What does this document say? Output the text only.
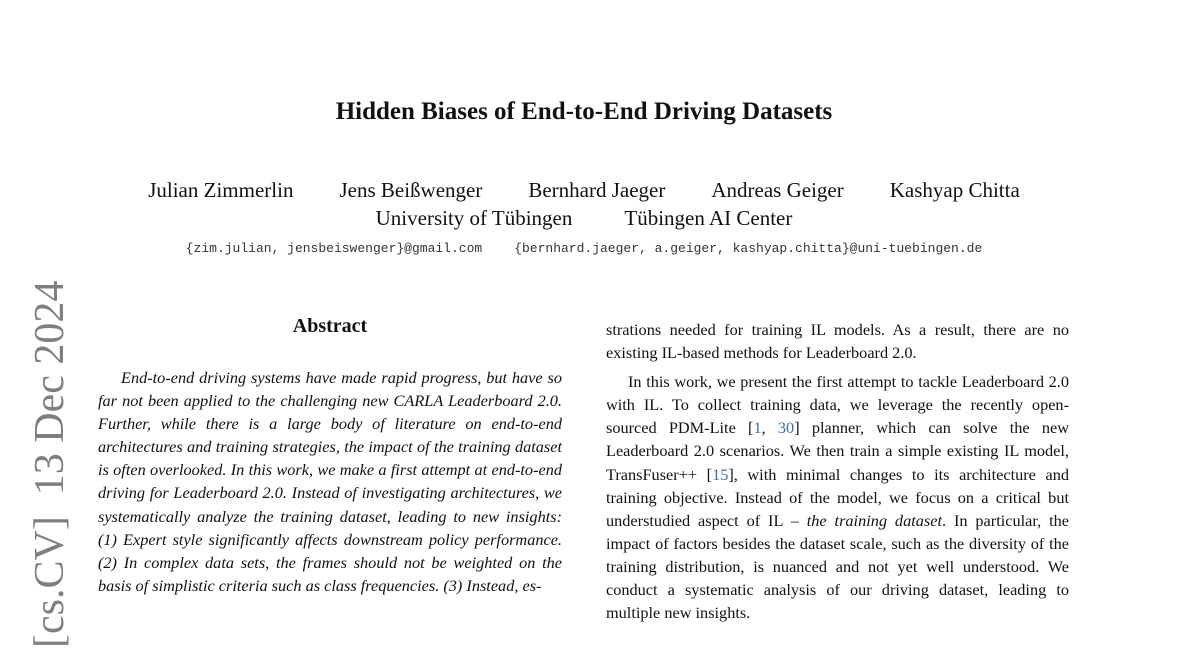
[cs.CV]  13 Dec 2024
Hidden Biases of End-to-End Driving Datasets
Julian Zimmerlin Jens Beißwenger Bernhard Jaeger Andreas Geiger Kashyap Chitta
University of Tübingen Tübingen AI Center
{zim.julian, jensbeiswenger}@gmail.com {bernhard.jaeger, a.geiger, kashyap.chitta}@uni-tuebingen.de
Abstract

End-to-end driving systems have made rapid progress, but have so far not been applied to the challenging new CARLA Leaderboard 2.0. Further, while there is a large body of literature on end-to-end architectures and training strategies, the impact of the training dataset is often overlooked. In this work, we make a first attempt at end-to-end driving for Leaderboard 2.0. Instead of investigating architectures, we systematically analyze the training dataset, leading to new insights: (1) Expert style significantly affects downstream policy performance. (2) In complex data sets, the frames should not be weighted on the basis of simplistic criteria such as class frequencies. (3) Instead, es-

strations needed for training IL models. As a result, there are no existing IL-based methods for Leaderboard 2.0.

In this work, we present the first attempt to tackle Leaderboard 2.0 with IL. To collect training data, we leverage the recently open-sourced PDM-Lite [1, 30] planner, which can solve the new Leaderboard 2.0 scenarios. We then train a simple existing IL model, TransFuser++ [15], with minimal changes to its architecture and training objective. Instead of the model, we focus on a critical but understudied aspect of IL – the training dataset. In particular, the impact of factors besides the dataset scale, such as the diversity of the training distribution, is nuanced and not yet well understood. We conduct a systematic analysis of our driving dataset, leading to multiple new insights.
